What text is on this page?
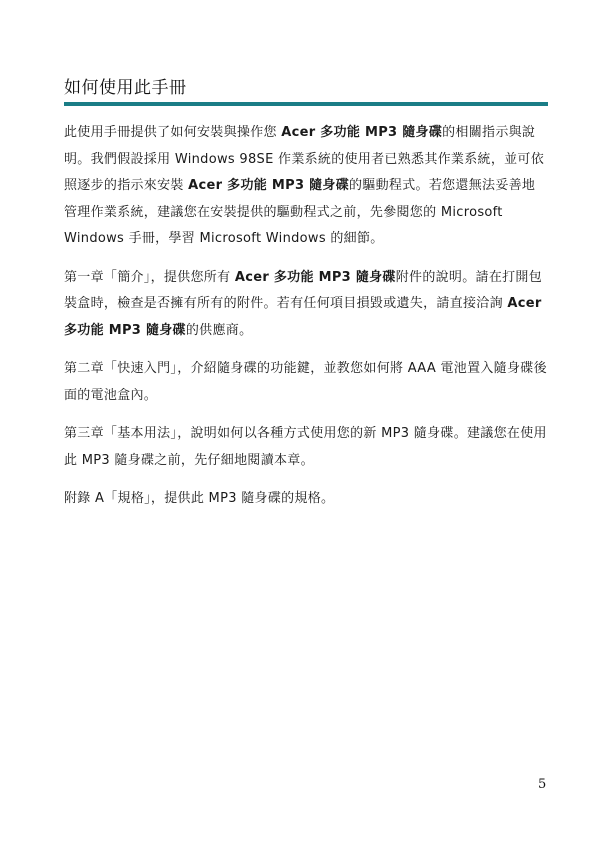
如何使用此手冊

此使用手冊提供了如何安裝與操作您 Acer 多功能 MP3 隨身碟的相關指示與說明。我們假設採用 Windows 98SE 作業系統的使用者已熟悉其作業系統，並可依照逐步的指示來安裝 Acer 多功能 MP3 隨身碟的驅動程式。若您還無法妥善地管理作業系統，建議您在安裝提供的驅動程式之前，先參閱您的 Microsoft Windows 手冊，學習 Microsoft Windows 的細節。

第一章「簡介」，提供您所有 Acer 多功能 MP3 隨身碟附件的說明。請在打開包裝盒時，檢查是否擁有所有的附件。若有任何項目損毀或遺失，請直接洽詢 Acer 多功能 MP3 隨身碟的供應商。

第二章「快速入門」，介紹隨身碟的功能鍵，並教您如何將 AAA 電池置入隨身碟後面的電池盒內。

第三章「基本用法」，說明如何以各種方式使用您的新 MP3 隨身碟。建議您在使用此 MP3 隨身碟之前，先仔細地閱讀本章。

附錄 A「規格」，提供此 MP3 隨身碟的規格。

5
